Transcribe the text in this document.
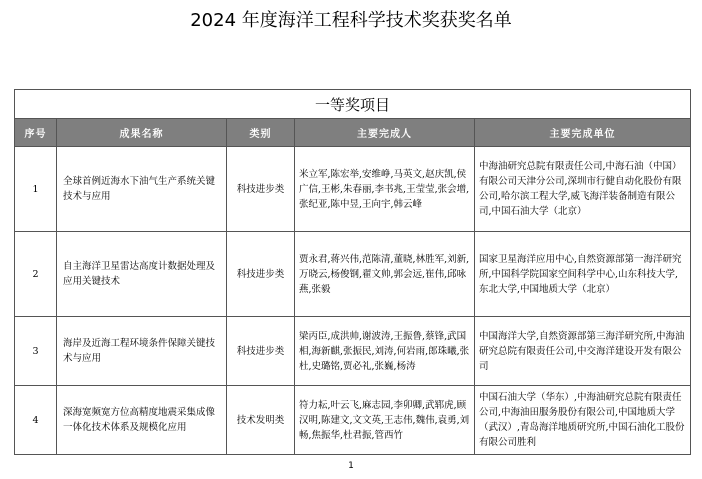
2024 年度海洋工程科学技术奖获奖名单
一等奖项目				
序号	成果名称	类别	主要完成人	主要完成单位
1	全球首例近海水下油气生产系统关键技术与应用	科技进步类	米立军,陈宏举,安维峥,马英文,赵庆凯,侯广信,王彬,朱春丽,李书兆,王莹莹,张会增,张纪亚,陈中昱,王向宇,韩云峰	中海油研究总院有限责任公司,中海石油（中国）有限公司天津分公司,深圳市行健自动化股份有限公司,哈尔滨工程大学,威飞海洋装备制造有限公司,中国石油大学（北京）
2	自主海洋卫星雷达高度计数据处理及应用关键技术	科技进步类	贾永君,蒋兴伟,范陈清,董晓,林胜军,刘新,万晓云,杨俊钢,翟文帅,郭会远,崔伟,邱咏燕,张毅	国家卫星海洋应用中心,自然资源部第一海洋研究所,中国科学院国家空间科学中心,山东科技大学,东北大学,中国地质大学（北京）
3	海岸及近海工程环境条件保障关键技术与应用	科技进步类	梁丙臣,成洪帅,谢波涛,王振鲁,蔡锋,武国相,海新麒,张振民,刘涛,何岩雨,郎珠曦,张杜,史璐铭,贾必礼,张巍,杨涛	中国海洋大学,自然资源部第三海洋研究所,中海油研究总院有限责任公司,中交海洋建设开发有限公司
4	深海宽频宽方位高精度地震采集成像一体化技术体系及规模化应用	技术发明类	符力耘,叶云飞,麻志园,李卯卿,武郓虎,顾汉明,陈建文,文文英,王志伟,魏伟,袁勇,刘畅,焦振华,杜君振,管西竹	中国石油大学（华东）,中海油研究总院有限责任公司,中海油田服务股份有限公司,中国地质大学（武汉）,青岛海洋地质研究所,中国石油化工股份有限公司胜利
1
